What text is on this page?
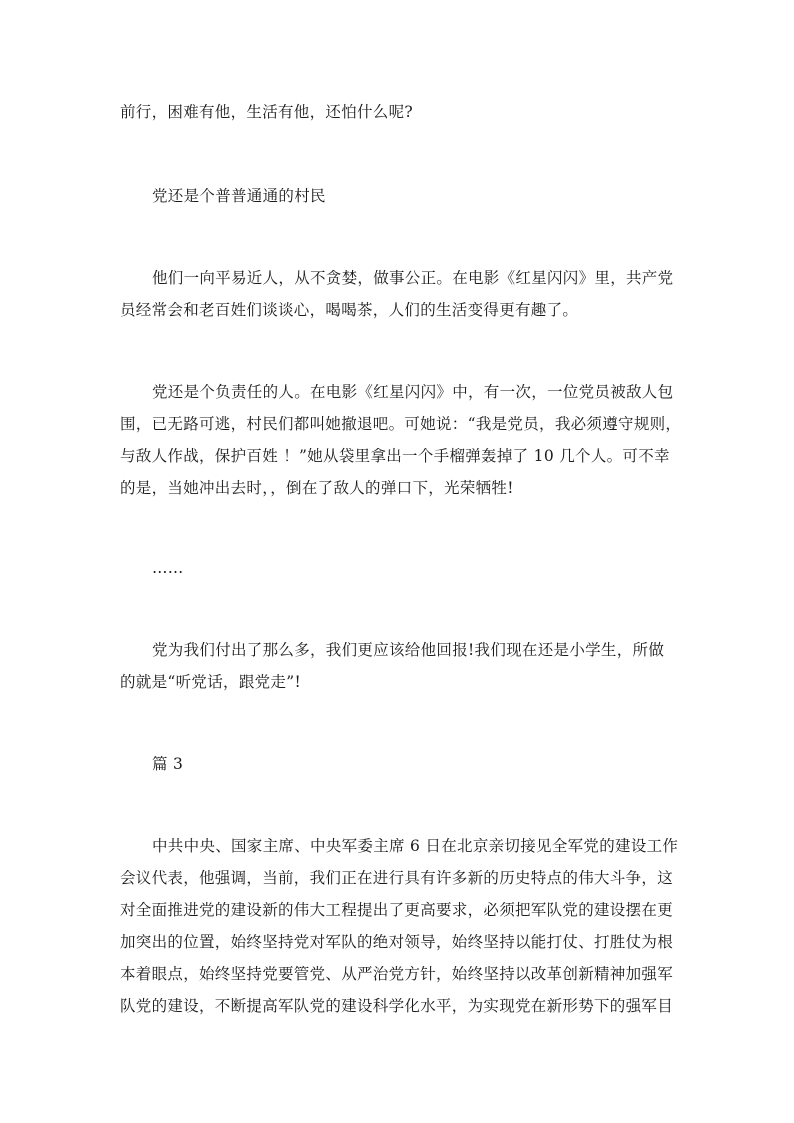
前行，困难有他，生活有他，还怕什么呢?

党还是个普普通通的村民

他们一向平易近人，从不贪婪，做事公正。在电影《红星闪闪》里，共产党

员经常会和老百姓们谈谈心，喝喝茶，人们的生活变得更有趣了。

党还是个负责任的人。在电影《红星闪闪》中，有一次，一位党员被敌人包

围，已无路可逃，村民们都叫她撤退吧。可她说：“我是党员，我必须遵守规则，

与敌人作战，保护百姓 ！”她从袋里拿出一个手榴弹轰掉了 10 几个人。可不幸

的是，当她冲出去时，，倒在了敌人的弹口下，光荣牺牲!

……

党为我们付出了那么多，我们更应该给他回报!我们现在还是小学生，所做

的就是“听党话，跟党走”!

篇 3

中共中央、国家主席、中央军委主席 6 日在北京亲切接见全军党的建设工作

会议代表，他强调，当前，我们正在进行具有许多新的历史特点的伟大斗争，这

对全面推进党的建设新的伟大工程提出了更高要求，必须把军队党的建设摆在更

加突出的位置，始终坚持党对军队的绝对领导，始终坚持以能打仗、打胜仗为根

本着眼点，始终坚持党要管党、从严治党方针，始终坚持以改革创新精神加强军

队党的建设，不断提高军队党的建设科学化水平，为实现党在新形势下的强军目
